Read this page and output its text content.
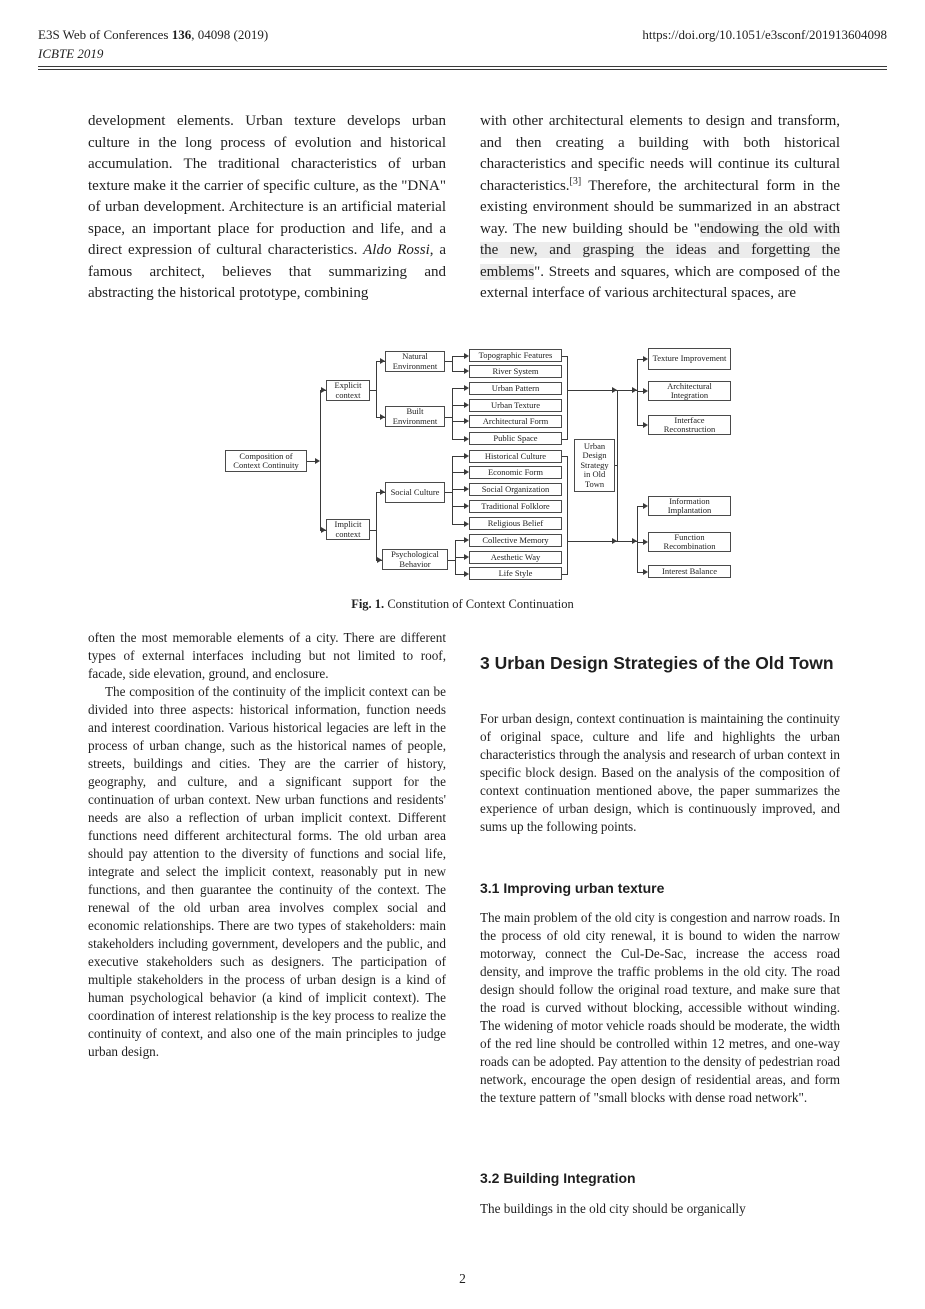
E3S Web of Conferences 136, 04098 (2019)
ICBTE 2019
https://doi.org/10.1051/e3sconf/201913604098
development elements. Urban texture develops urban culture in the long process of evolution and historical accumulation. The traditional characteristics of urban texture make it the carrier of specific culture, as the "DNA" of urban development. Architecture is an artificial material space, an important place for production and life, and a direct expression of cultural characteristics. Aldo Rossi, a famous architect, believes that summarizing and abstracting the historical prototype, combining
with other architectural elements to design and transform, and then creating a building with both historical characteristics and specific needs will continue its cultural characteristics.[3] Therefore, the architectural form in the existing environment should be summarized in an abstract way. The new building should be "endowing the old with the new, and grasping the ideas and forgetting the emblems". Streets and squares, which are composed of the external interface of various architectural spaces, are
Composition of Context Continuity
Explicit context
Implicit context
Natural Environment
Built Environment
Social Culture
Psychological Behavior
Topographic Features
River System
Urban Pattern
Urban Texture
Architectural Form
Public Space
Historical Culture
Economic Form
Social Organization
Traditional Folklore
Religious Belief
Collective Memory
Aesthetic Way
Life Style
Urban Design Strategy in Old Town
Texture Improvement
Architectural Integration
Interface Reconstruction
Information Implantation
Function Recombination
Interest Balance
Fig. 1. Constitution of Context Continuation

often the most memorable elements of a city. There are different types of external interfaces including but not limited to roof, facade, side elevation, ground, and enclosure.

The composition of the continuity of the implicit context can be divided into three aspects: historical information, function needs and interest coordination. Various historical legacies are left in the process of urban change, such as the historical names of people, streets, buildings and cities. They are the carrier of history, geography, and culture, and a significant support for the continuation of urban context. New urban functions and residents' needs are also a reflection of urban implicit context. Different functions need different architectural forms. The old urban area should pay attention to the diversity of functions and social life, integrate and select the implicit context, reasonably put in new functions, and then guarantee the continuity of the context. The renewal of the old urban area involves complex social and economic relationships. There are two types of stakeholders: main stakeholders including government, developers and the public, and executive stakeholders such as designers. The participation of multiple stakeholders in the process of urban design is a kind of human psychological behavior (a kind of implicit context). The coordination of interest relationship is the key process to realize the continuity of context, and also one of the main principles to judge urban design.

3 Urban Design Strategies of the Old Town
For urban design, context continuation is maintaining the continuity of original space, culture and life and highlights the urban characteristics through the analysis and research of urban context in specific block design. Based on the analysis of the composition of context continuation mentioned above, the paper summarizes the experience of urban design, which is continuously improved, and sums up the following points.
3.1 Improving urban texture
The main problem of the old city is congestion and narrow roads. In the process of old city renewal, it is bound to widen the narrow motorway, connect the Cul-De-Sac, increase the access road density, and improve the traffic problems in the old city. The road design should follow the original road texture, and make sure that the road is curved without blocking, accessible without winding. The widening of motor vehicle roads should be moderate, the width of the red line should be controlled within 12 metres, and one-way roads can be adopted. Pay attention to the density of pedestrian road network, encourage the open design of residential areas, and form the texture pattern of "small blocks with dense road network".
3.2 Building Integration
The buildings in the old city should be organically
2
